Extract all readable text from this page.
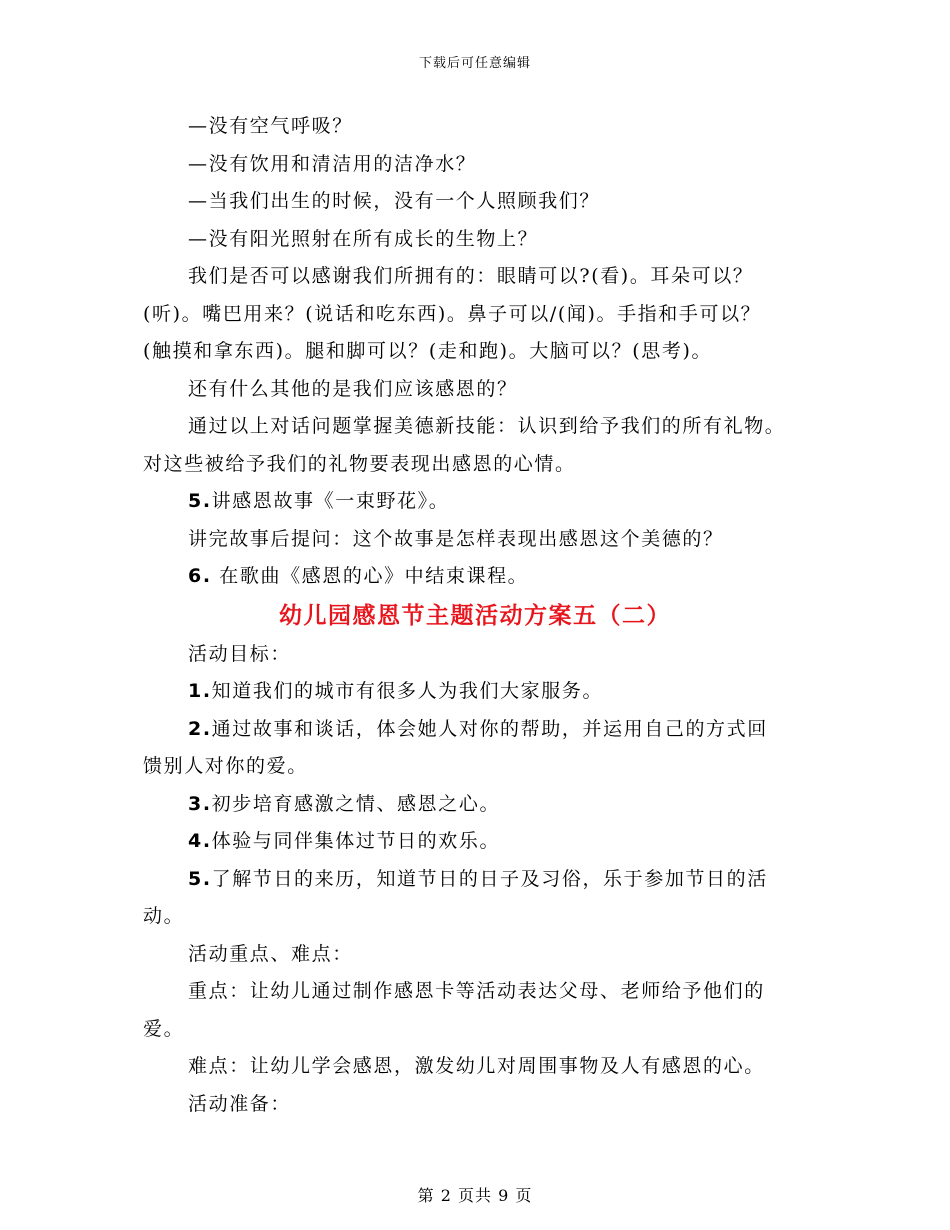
下载后可任意编辑

—没有空气呼吸？

—没有饮用和清洁用的洁净水？

—当我们出生的时候，没有一个人照顾我们？

—没有阳光照射在所有成长的生物上？

我们是否可以感谢我们所拥有的：眼睛可以?(看)。耳朵可以？

(听)。嘴巴用来？(说话和吃东西)。鼻子可以/(闻)。手指和手可以？

(触摸和拿东西)。腿和脚可以？(走和跑)。大脑可以？(思考)。

还有什么其他的是我们应该感恩的？

通过以上对话问题掌握美德新技能：认识到给予我们的所有礼物。

对这些被给予我们的礼物要表现出感恩的心情。

5.讲感恩故事《一束野花》。

讲完故事后提问：这个故事是怎样表现出感恩这个美德的？

6. 在歌曲《感恩的心》中结束课程。

幼儿园感恩节主题活动方案五（二）

活动目标：

1.知道我们的城市有很多人为我们大家服务。

2.通过故事和谈话，体会她人对你的帮助，并运用自己的方式回

馈别人对你的爱。

3.初步培育感激之情、感恩之心。

4.体验与同伴集体过节日的欢乐。

5.了解节日的来历，知道节日的日子及习俗，乐于参加节日的活

动。

活动重点、难点：

重点：让幼儿通过制作感恩卡等活动表达父母、老师给予他们的

爱。

难点：让幼儿学会感恩，激发幼儿对周围事物及人有感恩的心。

活动准备：

第 2 页共 9 页
